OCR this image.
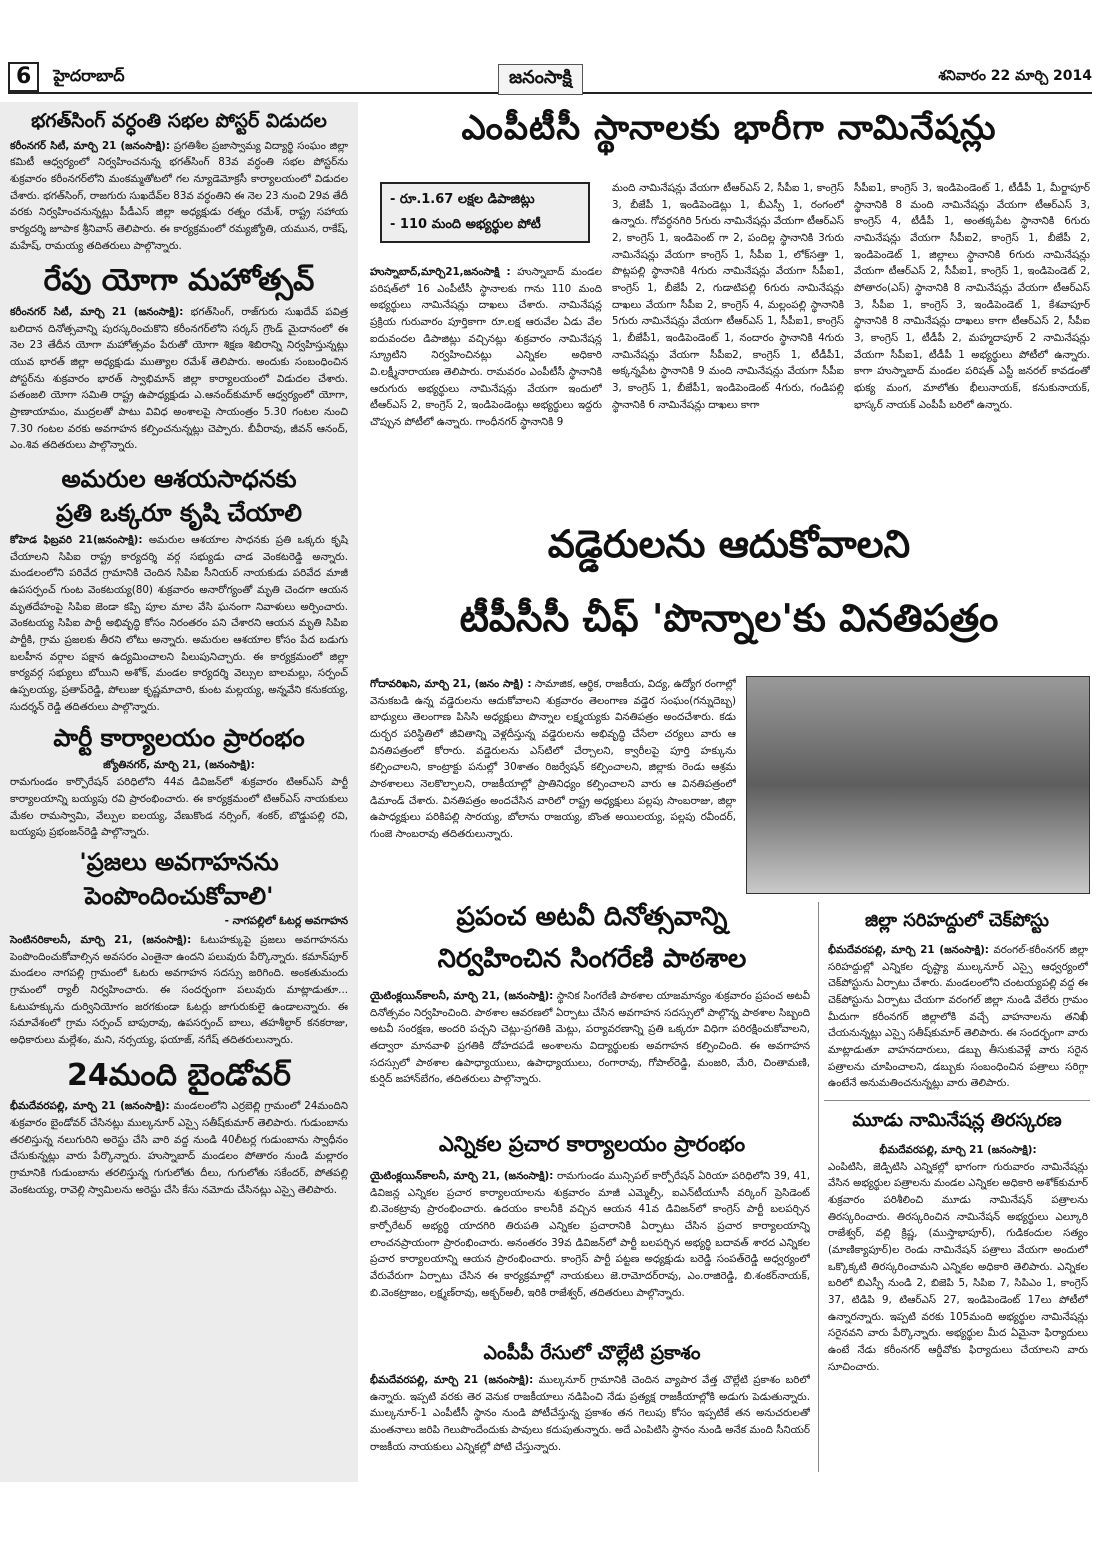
6	హైదరాబాద్	జనంసాక్షి	శనివారం 22 మార్చి 2014
భగత్‌సింగ్ వర్ధంతి సభల పోస్టర్ విడుదల

కరీంనగర్ సిటీ, మార్చి 21 (జనంసాక్షి): ప్రగతిశీల ప్రజాస్వామ్య విద్యార్థి సంఘం జిల్లా కమిటీ ఆధ్వర్యంలో నిర్వహించనున్న భగత్‌సింగ్ 83వ వర్ధంతి సభల పోస్టర్‌ను శుక్రవారం కరీంనగర్‌లోని మంకమ్మతోటలో గల న్యూడెమోక్రసీ కార్యాలయంలో విడుదల చేశారు. భగత్‌సింగ్, రాజగురు సుఖదేవ్‌ల 83వ వర్ధంతిని ఈ నెల 23 నుంచి 29వ తేదీ వరకు నిర్వహించనున్నట్లు పీడీఎస్ జిల్లా అధ్యక్షుడు రత్నం రమేశ్, రాష్ట్ర సహాయ కార్యదర్శి జూపాక శ్రీనివాస్ తెలిపారు. ఈ కార్యక్రమంలో రమ్యజ్యోతి, యమున, రాకేష్, మహేష్, రామయ్య తదితరులు పాల్గొన్నారు.

రేపు యోగా మహోత్సవ్

కరీంనగర్ సిటీ, మార్చి 21 (జనంసాక్షి): భగత్‌సింగ్, రాజ్‌గురు సుఖదేవ్ పవిత్ర బలిదాన దినోత్సవాన్ని పురస్కరించుకొని కరీంనగర్‌లోని సర్కస్ గ్రౌండ్ మైదానంలో ఈ నెల 23 తేదీన యోగా మహోత్సవం పేరుతో యోగా శిక్షణ శిబిరాన్ని నిర్వహిస్తున్నట్లు యువ భారత్ జిల్లా అధ్యక్షుడు ముత్యాల రమేశ్ తెలిపారు. అందుకు సంబంధించిన పోస్టర్‌ను శుక్రవారం భారత్ స్వాభిమాన్ జిల్లా కార్యాలయంలో విడుదల చేశారు. పతంజలి యోగా సమితి రాష్ట్ర ఉపాధ్యక్షుడు ఎ.ఆనంద్‌కుమార్ ఆధ్వర్యంలో యోగా, ప్రాణాయామం, ముద్రలతో పాటు వివిధ అంశాలపై సాయంత్రం 5.30 గంటల నుంచి 7.30 గంటల వరకు అవగాహన కల్పించనున్నట్లు చెప్పారు. బీవీరావు, జీవన్ ఆనంద్, ఎం.శివ తదితరులు పాల్గొన్నారు.

అమరుల ఆశయసాధనకు
ప్రతి ఒక్కరూ కృషి చేయాలి

కోహెడ ఫిబ్రవరి 21(జనంసాక్షి): అమరుల ఆశయాల సాధనకు ప్రతి ఒక్కరు కృషి చేయాలని సిపిఐ రాష్ట్ర కార్యదర్శి వర్గ సభ్యుడు చాడ వెంకటరెడ్డి అన్నారు. మండలంలోని పరివేద గ్రామానికి చెందిన సిపిఐ సీనియర్ నాయకుడు పరివేద మాజీ ఉపసర్పంచ్ గుంట వెంకటయ్య(80) శుక్రవారం అనారోగ్యంతో మృతి చెందగా ఆయన మృతదేహంపై సిపిఐ జెండా కప్పి పూల మాల వేసి ఘనంగా నివాళులు అర్పించారు. వెంకటయ్య సిపిఐ పార్టీ అభివృద్ధి కోసం నిరంతరం పని చేశారని ఆయన మృతి సిపిఐ పార్టీకి, గ్రామ ప్రజలకు తీరని లోటు అన్నారు. అమరుల ఆశయాల కోసం పేద బడుగు బలహీన వర్గాల పక్షాన ఉద్యమించాలని పిలుపునిచ్చారు. ఈ కార్యక్రమంలో జిల్లా కార్యవర్గ సభ్యులు బోయిని అశోక్, మండల కార్యదర్శి వెల్సుల బాలమల్లు, సర్పంచ్ ఉప్పలయ్య, ప్రతాప్‌రెడ్డి, పోలుజు కృష్ణమాచారి, కుంట మల్లయ్య, అన్నవేని కనుకయ్య, సుదర్శన్ రెడ్డి తదితరులు పాల్గొన్నారు.

పార్టీ కార్యాలయం ప్రారంభం

జ్యోతినగర్, మార్చి 21, (జనంసాక్షి):

రామగుండం కార్పొరేషన్ పరిధిలోని 44వ డివిజన్‌లో శుక్రవారం టిఆర్ఎస్ పార్టీ కార్యాలయాన్ని బయ్యపు రవి ప్రారంభించారు. ఈ కార్యక్రమంలో టిఆర్ఎస్ నాయకులు మేకల రామస్వామి, వేల్పుల ఐలయ్య, వేణుకొండ నర్సింగ్, శంకర్, బొడ్డుపల్లి రవి, బయ్యపు ప్రభంజన్‌రెడ్డి పాల్గొన్నారు.

'ప్రజలు అవగాహనను
పెంపొందించుకోవాలి'
- నాగపల్లిలో ఓటర్ల అవగాహన

సెంటినరికాలనీ, మార్చి 21, (జనంసాక్షి): ఓటుహక్కుపై ప్రజలు అవగాహనను పెంపొందించుకోవాల్సిన అవసరం ఎంతైనా ఉందని పలువురు పేర్కొన్నారు. కమాన్‌పూర్ మండలం నాగపల్లి గ్రామంలో ఓటరు అవగాహన సదస్సు జరిగింది. అంకతుమందు గ్రామంలో ర్యాలీ నిర్వహించారు. ఈ సందర్భంగా పలువురు మాట్లాడుతూ... ఓటుహక్కును దుర్వినియోగం జరగకుండా ఓటర్లు జాగురుకులై ఉండాలన్నారు. ఈ సమావేశంలో గ్రామ సర్పంచ్ బాపురావు, ఉపసర్పంచ్ బాలు, తహశీల్దార్ కనకరాజు, అధికారులు మల్లేశం, మని, నర్సయ్య, ఫయాజ్, నగేష్ తదితరులున్నారు.

24మంది బైండోవర్

భీమదేవరపల్లి, మార్చి 21 (జనంసాక్షి): మండలంలోని ఎర్రబెల్లి గ్రామంలో 24మందిని శుక్రవారం బైండోవర్ చేసినట్లు ముల్కనూర్ ఎస్సై సతీష్‌కుమార్ తెలిపారు. గుడుంబాను తరలిస్తున్న నలుగురిని అరెస్టు చేసి వారి వద్ద నుండి 40లీటర్ల గుడుంబాను స్వాధీనం చేసుకున్నట్లు వారు పేర్కొన్నారు. హుస్నాబాద్ మండలం పోతారం నుండి మల్లారం గ్రామానికి గుడుంబాను తరలిస్తున్న గుగులోతు దీలు, గుగులోతు సకేందర్, పోతపల్లి వెంకటయ్య, రావెల్లి స్వామిలను అరెస్టు చేసి కేసు నమోదు చేసినట్లు ఎస్సై తెలిపారు.

ఎంపీటీసీ స్థానాలకు భారీగా నామినేషన్లు
- రూ.1.67 లక్షల డిపాజిట్లు
- 110 మంది అభ్యర్థుల పోటీ
హుస్నాబాద్,మార్చి21,జనంసాక్షి : హుస్నాబాద్ మండల పరిషత్‌లో 16 ఎంపీటీసీ స్థానాలకు గాను 110 మంది అభ్యర్థులు నామినేషన్లు దాఖలు చేశారు. నామినేషన్ల ప్రక్రియ గురువారం పూర్తికాగా రూ.లక్ష ఆరువేల ఏడు వేల ఐదువందల డిపాజిట్లు వచ్చినట్లు శుక్రవారం నామినేషన్ల స్క్రూటిని నిర్వహించినట్లు ఎన్నికల అధికారి వి.లక్ష్మీనారాయణ తెలిపారు. రామవరం ఎంపీటీసీ స్థానానికి ఆరుగురు అభ్యర్థులు నామినేషన్లు వేయగా ఇందులో టీఆర్ఎస్ 2, కాంగ్రెస్ 2, ఇండిపెండెంట్లు అభ్యర్థులు ఇద్దరు చొప్పున పోటీలో ఉన్నారు. గాంధీనగర్ స్థానానికి 9
మంది నామినేషన్లు వేయగా టీఆర్ఎస్ 2, సీపీఐ 1, కాంగ్రెస్ 3, బీజేపీ 1, ఇండిపెండెట్లు 1, బీఎస్పీ 1, రంగంలో ఉన్నారు. గోవర్ధనగిరి 5గురు నామినేషన్లు వేయగా టీఆర్ఎస్ 2, కాంగ్రెస్ 1, ఇండిపెంట్ గా 2, పందిల్ల స్థానానికి 3గురు నామినేషన్లు వేయగా కాంగ్రెస్ 1, సీపీఐ 1, లోక్‌సత్తా 1, పొట్లపల్లి స్థానానికి 4గురు నామినేషన్లు వేయగా సీపీఐ1, కాంగ్రెస్ 1, బీజేపీ 2, గుడాటిపల్లి 6గురు నామినేషన్లు దాఖలు వేయగా సీపీఐ 2, కాంగ్రెస్ 4, మల్లంపల్లి స్థానానికి 5గురు నామినేషన్లు వేయగా టీఆర్ఎస్ 1, సీపీఐ1, కాంగ్రెస్ 1, బీజేపీ1, ఇండిపెండెంట్ 1, నందారం స్థానానికి 4గురు నామినేషన్లు వేయగా సీపీఐ2, కాంగ్రెస్ 1, టీడీపీ1, అక్కన్నపేట స్థానానికి 9 మంది నామినేషన్లు వేయగా సీపీఐ 3, కాంగ్రెస్ 1, బీజేపీ1, ఇండిపెండెంట్ 4గురు, గండిపల్లి స్థానానికి 6 నామినేషన్లు దాఖలు కాగా
సీపీఐ1, కాంగ్రెస్ 3, ఇండిపెండెంట్ 1, టీడీపీ 1, మీర్జాపూర్ స్థానానికి 8 మంది నామినేషన్లు వేయగా టీఆర్ఎస్ 3, కాంగ్రెస్ 4, టీడీపీ 1, అంతక్కపేట స్థానానికి 6గురు నామినేషన్లు వేయగా సీపీఐ2, కాంగ్రెస్ 1, బీజేపీ 2, ఇండిపెండెట్ 1, జిల్లాలు స్థానానికి 6గురు నామినేషన్లు వేయగా టీఆర్ఎస్ 2, సీపీఐ1, కాంగ్రెస్ 1, ఇండిపెండెట్ 2, పోతారం(ఎస్) స్థానానికి 8 నామినేషన్లు వేయగా టీఆర్ఎస్ 3, సీపీఐ 1, కాంగ్రెస్ 3, ఇండిపెండెట్ 1, కేశవాపూర్ స్థానానికి 8 నామినేషన్లు దాఖలు కాగా టీఆర్ఎస్ 2, సీపీఐ 3, కాంగ్రెస్ 1, టీడీపీ 2, మహ్మదాపూర్ 2 నామినేషన్లు వేయగా సీపీఐ1, టీడీపీ 1 అభ్యర్థులు పోటీలో ఉన్నారు. కాగా హుస్నాబాద్ మండల పరిషత్ ఎస్టీ జనరల్ కావడంతో భుక్య మంగ, మాలోతు భీలునాయక్, కనుకునాయక్, భాస్కర్ నాయక్ ఎంపీపీ బరిలో ఉన్నారు.
వడ్డెరులను ఆదుకోవాలని
టీపీసీసీ చీఫ్ 'పొన్నాల'కు వినతిపత్రం
గోదావరిఖని, మార్చి 21, (జనం సాక్షి) : సామాజిక, ఆర్థిక, రాజకీయ, విద్య, ఉద్యోగ రంగాల్లో వెనుకబడి ఉన్న వడ్డెరులను ఆదుకోవాలని శుక్రవారం తెలంగాణ వడ్డెర సంఘం(గన్నుదెబ్బ) బాధ్యులు తెలంగాణ పిసిసి అధ్యక్షులు పొన్నాల లక్ష్మయ్యకు వినతిపత్రం అందచేశారు. కడు దుర్భర పరిస్థితిలో జీవితాన్ని వెళ్లదీస్తున్న వడ్డెరులను అభివృద్ధి చేసేలా చర్యలు వారు ఆ వినతిపత్రంలో కోరారు. వడ్డెరులను ఎస్‌టిలో చేర్చాలని, క్వారీలపై పూర్తి హక్కును కల్పించాలని, కాంట్రాక్టు పనుల్లో 30శాతం రిజర్వేషన్ కల్పించాలని, జిల్లాకు రెండు ఆశ్రమ పాఠశాలలు నెలకొల్పాలని, రాజకీయాల్లో ప్రాతినిధ్యం కల్పించాలని వారు ఆ వినతిపత్రంలో డిమాండ్ చేశారు. వినతిపత్రం అందచేసిన వారిలో రాష్ట్ర అధ్యక్షులు పల్లపు సాంబరాజు, జిల్లా ఉపాధ్యక్షులు పరికిపల్లి సారయ్య, బోలాను రాజయ్య, బొంత అయిలయ్య, పల్లపు రవీందర్, గుంజె సాంబరావు తదితరులున్నారు.
ప్రపంచ అటవీ దినోత్సవాన్ని
నిర్వహించిన సింగరేణి పాఠశాల
యైటింక్లయిన్‌కాలనీ, మార్చి 21, (జనంసాక్షి): స్థానిక సింగరేణి పాఠశాల యాజమాన్యం శుక్రవారం ప్రపంచ అటవీ దినోత్సవం నిర్వహించింది. పాఠశాల ఆవరణలో ఏర్పాటు చేసిన అవగాహన సదస్సులో పాల్గొన్న పాఠశాల సిబ్బంది అటవీ సంరక్షణ, అందరి పచ్చని చెట్లు-ప్రగతికి మెట్లు, పర్యావరణాన్ని ప్రతి ఒక్కరూ విధిగా పరిరక్షించుకోవాలని, తద్వారా మానవాళి ప్రగతికి దోహదపడే అంశాలను విద్యార్థులకు అవగాహన కల్పించింది. ఈ అవగాహన సదస్సులో పాఠశాల ఉపాధ్యాయులు, ఉపాధ్యాయులు, రంగారావు, గోపాల్‌రెడ్డి, మంజరి, మేరి, చింతామణి, కుర్షిద్ జహాన్‌బేగం, తదితరులు పాల్గొన్నారు.
ఎన్నికల ప్రచార కార్యాలయం ప్రారంభం
యైటింక్లయిన్‌కాలనీ, మార్చి 21, (జనంసాక్షి): రామగుండం మున్సిపల్ కార్పోరేషన్ ఏరియా పరిధిలోని 39, 41, డివిజన్ల ఎన్నికల ప్రచార కార్యాలయాలను శుక్రవారం మాజీ ఎమ్మెల్సీ, ఐఎన్‌టీయూసీ వర్కింగ్ ప్రెసిడెంట్ బి.వెంకట్రావు ప్రారంభించారు. ఉదయం కాలనీకి వచ్చిన ఆయన 41వ డివిజన్‌లో కాంగ్రెస్ పార్టీ బలపర్చిన కార్పోరేటర్ అభ్యర్థి యాదగిరి తిరుపతి ఎన్నికల ప్రచారానికి ఏర్పాటు చేసిన ప్రచార కార్యాలయాన్ని లాంచనప్రాయంగా ప్రారంభించారు. అనంతరం 39వ డివిజన్‌లో పార్టీ బలపర్చిన అభ్యర్థి బదావత్ శారద ఎన్నికల ప్రచార కార్యాలయాన్ని ఆయన ప్రారంభించారు. కాంగ్రెస్ పార్టీ పట్టణ అధ్యక్షుడు బరెడ్డి సంపత్‌రెడ్డి అధ్వర్యంలో వేరువేరుగా ఏర్పాటు చేసిన ఈ కార్యక్రమాల్లో నాయకులు జె.రామోదర్‌రావు, ఎం.రాజిరెడ్డి, బి.శంకర్‌నాయక్, బి.వెంకట్రాజం, లక్ష్మణ్‌రావు, అక్బర్‌అలీ, ఇరికి రాజేశ్వర్, తదితరులు పాల్గొన్నారు.
ఎంపీపీ రేసులో చొల్లేటి ప్రకాశం
భీమదేవరపల్లి, మార్చి 21 (జనంసాక్షి): ముల్కనూర్ గ్రామానికి చెందిన వ్యాపార వేత్త చొల్లేటి ప్రకాశం బరిలో ఉన్నారు. ఇప్పటి వరకు తెర వెనుక రాజకీయాలు నడిపించి నేడు ప్రత్యక్ష రాజకీయాల్లోకి అడుగు పెడుతున్నారు. ముల్కనూర్-1 ఎంపీటీసీ స్థానం నుండి పోటీచేస్తున్న ప్రకాశం తన గెలుపు కోసం ఇప్పటికే తన అనుచరులతో మంతనాలు జరిపి గెలుపొందేందుకు పావులు కదుపుతున్నారు. అదే ఎంపిటిసి స్థానం నుండి అనేక మంది సీనియర్ రాజకీయ నాయకులు ఎన్నికల్లో పోటి చేస్తున్నారు.
జిల్లా సరిహద్దులో చెక్‌పోస్టు
భీమదేవరపల్లి, మార్చి 21 (జనంసాక్షి): వరంగల్-కరీంనగర్ జిల్లా సరిహద్దుల్లో ఎన్నికల దృష్ట్యా ముల్కనూర్ ఎస్సై ఆధ్వర్యంలో చెక్‌పోస్టును ఏర్పాటు చేశారు. మండలంలోని చంటయ్యపల్లి వద్ద ఈ చెక్‌పోస్టును ఏర్పాటు చేయగా వరంగల్ జిల్లా నుండి వేలేరు గ్రామం మీదుగా కరీంనగర్ జిల్లాలోకి వచ్చే వాహనాలను తనిఖీ చేయనున్నట్లు ఎస్సై సతీష్‌కుమార్ తెలిపారు. ఈ సందర్భంగా వారు మాట్లాడుతూ వాహనదారులు, డబ్బు తీసుకువెళ్లే వారు సరైన పత్రాలను చూపించాలని, డబ్బుకు సంబంధించిన పత్రాలు సరిగ్గా ఉంటేనే అనుమతించనున్నట్లు వారు తెలిపారు.
మూడు నామినేషన్ల తిరస్కరణ
భీమదేవరపల్లి, మార్చి 21 (జనంసాక్షి):
ఎంపిటిసి, జెడ్పిటిసి ఎన్నికల్లో భాగంగా గురువారం నామినేషన్లు వేసిన అభ్యర్థుల పత్రాలను మండల ఎన్నికల అధికారి అశోక్‌కుమార్ శుక్రవారం పరిశీలించి మూడు నామినేషన్ పత్రాలను తిరస్కరించారు. తిరస్కరించిన నామినేషన్ అభ్యర్థులు ఎల్కూరి రాజేశ్వర్, వల్లి క్రిష్ణ, (ముస్తాభాపూర్), గుడికందుల సత్యం (మాణిక్యాపూర్)ల రెండు నామినేషన్ పత్రాలు వేయగా అందులో ఒక్కొక్కటి తిరస్కరించామని ఎన్నికల అధికారి తెలిపారు. ఎన్నికల బరిలో బిఎస్పీ నుండి 2, బిజెపి 5, సిపిఐ 7, సిపిఎం 1, కాంగ్రెస్ 37, టిడిపి 9, టిఆర్ఎస్ 27, ఇండిపెండెంట్ 17లు పోటీలో ఉన్నారన్నారు. ఇప్పటి వరకు 105మంది అభ్యర్థుల నామినేషన్లు సరైనవని వారు పేర్కొన్నారు. అభ్యర్థుల మీద ఏమైనా ఫిర్యాదులు ఉంటే నేడు కరీంనగర్ ఆర్డీవోకు ఫిర్యాదులు చేయాలని వారు సూచించారు.
